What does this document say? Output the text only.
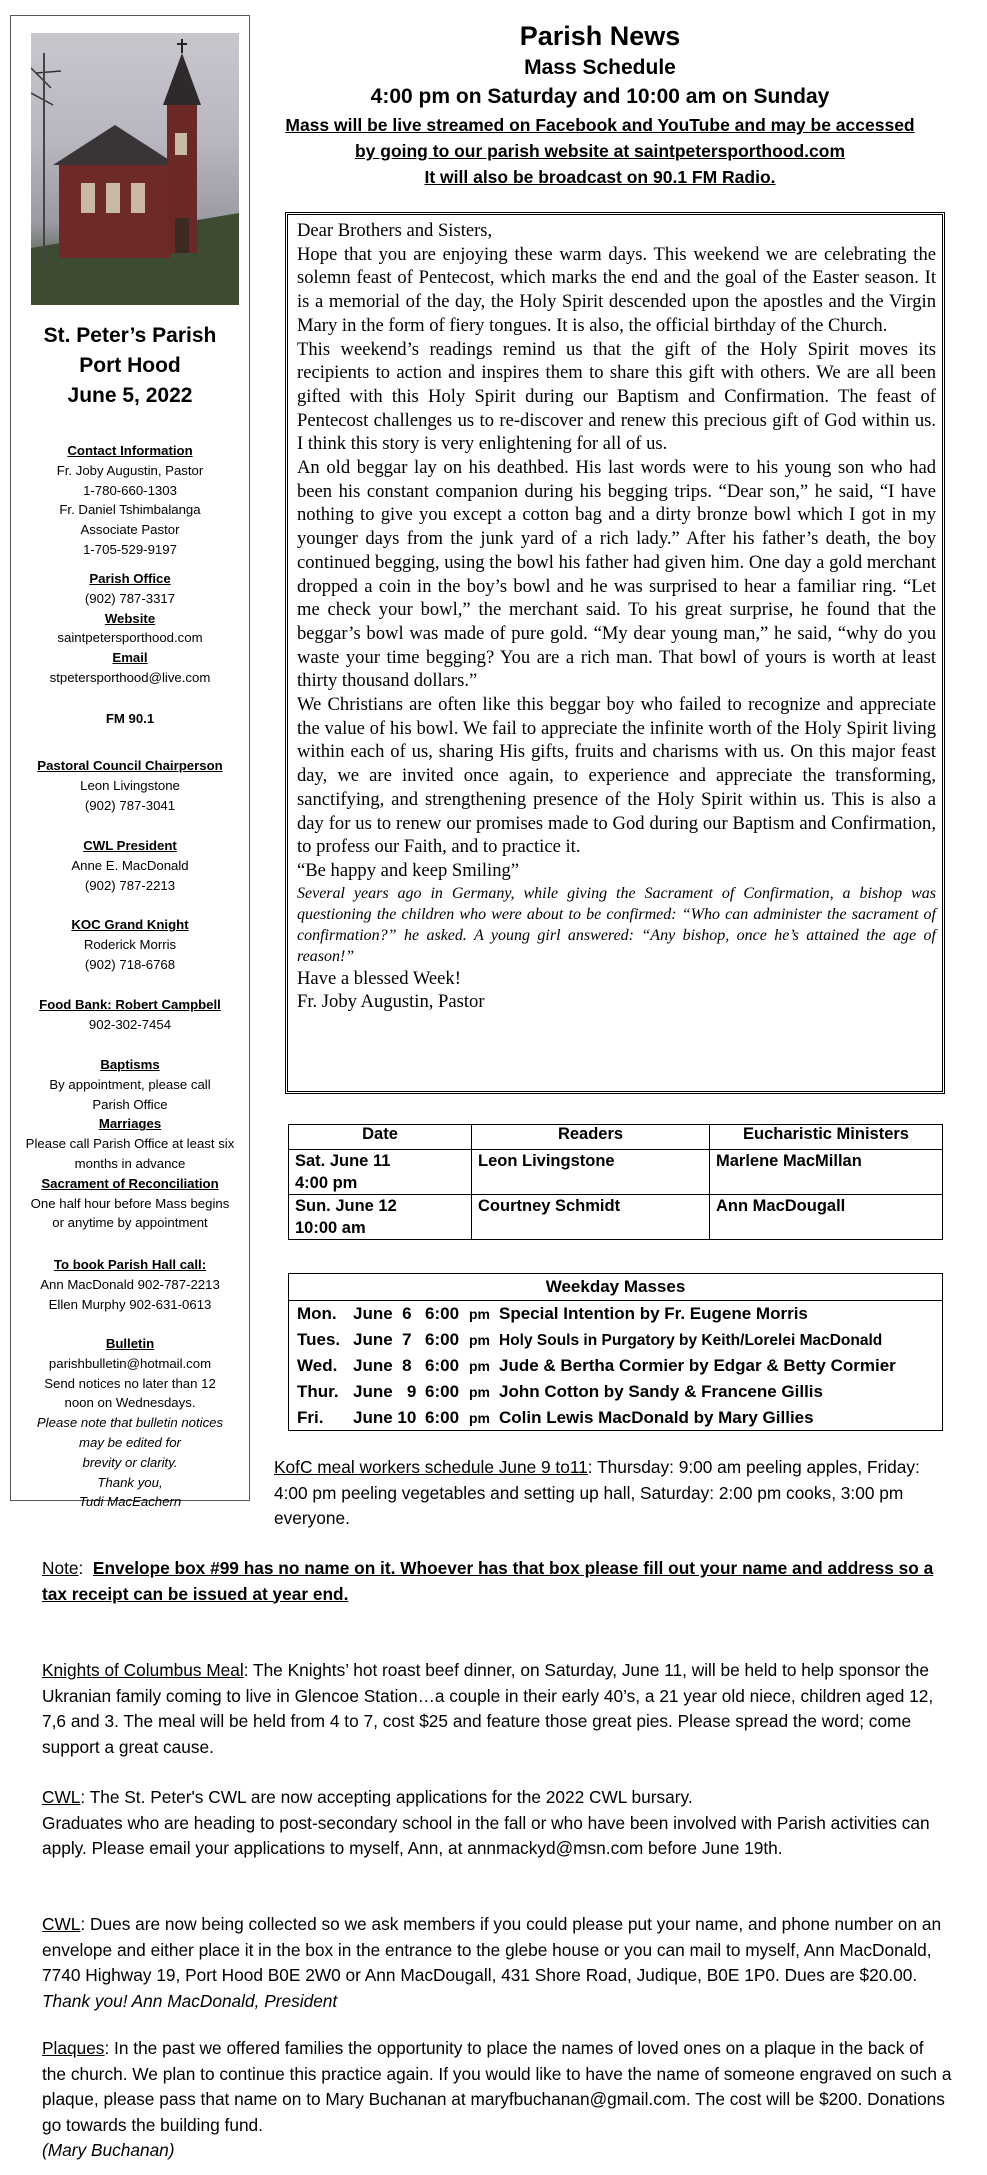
St. Peter’s Parish
Port Hood
June 5, 2022
Contact Information
Fr. Joby Augustin, Pastor
1-780-660-1303
Fr. Daniel Tshimbalanga
Associate Pastor
1-705-529-9197
Parish Office
(902) 787-3317
Website
saintpetersporthood.com
Email
stpetersporthood@live.com
FM 90.1
Pastoral Council Chairperson
Leon Livingstone
(902) 787-3041
CWL President
Anne E. MacDonald
(902) 787-2213
KOC Grand Knight
Roderick Morris
(902) 718-6768
Food Bank: Robert Campbell
902-302-7454
Baptisms
By appointment, please call
Parish Office
Marriages
Please call Parish Office at least six
months in advance
Sacrament of Reconciliation
One half hour before Mass begins
or anytime by appointment
To book Parish Hall call:
Ann MacDonald 902-787-2213
Ellen Murphy 902-631-0613
Bulletin
parishbulletin@hotmail.com
Send notices no later than 12
noon on Wednesdays.
Please note that bulletin notices
may be edited for
brevity or clarity.
Thank you,
Tudi MacEachern
Parish News
Mass Schedule
4:00 pm on Saturday and 10:00 am on Sunday
Mass will be live streamed on Facebook and YouTube and may be accessed
by going to our parish website at saintpetersporthood.com
It will also be broadcast on 90.1 FM Radio.

Dear Brothers and Sisters,

Hope that you are enjoying these warm days. This weekend we are celebrating the solemn feast of Pentecost, which marks the end and the goal of the Easter season. It is a memorial of the day, the Holy Spirit descended upon the apostles and the Virgin Mary in the form of fiery tongues. It is also, the official birthday of the Church.

This weekend’s readings remind us that the gift of the Holy Spirit moves its recipients to action and inspires them to share this gift with others. We are all been gifted with this Holy Spirit during our Baptism and Confirmation. The feast of Pentecost challenges us to re-discover and renew this precious gift of God within us. I think this story is very enlightening for all of us.

An old beggar lay on his deathbed. His last words were to his young son who had been his constant companion during his begging trips. “Dear son,” he said, “I have nothing to give you except a cotton bag and a dirty bronze bowl which I got in my younger days from the junk yard of a rich lady.” After his father’s death, the boy continued begging, using the bowl his father had given him. One day a gold merchant dropped a coin in the boy’s bowl and he was surprised to hear a familiar ring. “Let me check your bowl,” the merchant said. To his great surprise, he found that the beggar’s bowl was made of pure gold. “My dear young man,” he said, “why do you waste your time begging? You are a rich man. That bowl of yours is worth at least thirty thousand dollars.”

We Christians are often like this beggar boy who failed to recognize and appreciate the value of his bowl. We fail to appreciate the infinite worth of the Holy Spirit living within each of us, sharing His gifts, fruits and charisms with us. On this major feast day, we are invited once again, to experience and appreciate the transforming, sanctifying, and strengthening presence of the Holy Spirit within us. This is also a day for us to renew our promises made to God during our Baptism and Confirmation, to profess our Faith, and to practice it.

“Be happy and keep Smiling”

Several years ago in Germany, while giving the Sacrament of Confirmation, a bishop was questioning the children who were about to be confirmed: “Who can administer the sacrament of confirmation?” he asked. A young girl answered: “Any bishop, once he’s attained the age of reason!”

Have a blessed Week!

Fr. Joby Augustin, Pastor

Date	Readers	Eucharistic Ministers

Sat. June 11
4:00 pm	Leon Livingstone	Marlene MacMillan

Sun. June 12
10:00 am	Courtney Schmidt	Ann MacDougall
Weekday Masses
Mon. June  6 6:00 pm Special Intention by Fr. Eugene Morris
Tues. June  7 6:00 pm Holy Souls in Purgatory by Keith/Lorelei MacDonald
Wed. June  8 6:00 pm Jude & Bertha Cormier by Edgar & Betty Cormier
Thur. June   9 6:00 pm John Cotton by Sandy & Francene Gillis
Fri. June 10 6:00 pm Colin Lewis MacDonald by Mary Gillies
KofC meal workers schedule June 9 to11: Thursday: 9:00 am peeling apples, Friday: 4:00 pm peeling vegetables and setting up hall, Saturday: 2:00 pm cooks, 3:00 pm everyone.
Note:  Envelope box #99 has no name on it. Whoever has that box please fill out your name and address so a tax receipt can be issued at year end.
Knights of Columbus Meal: The Knights’ hot roast beef dinner, on Saturday, June 11, will be held to help sponsor the Ukranian family coming to live in Glencoe Station…a couple in their early 40’s, a 21 year old niece, children aged 12, 7,6 and 3. The meal will be held from 4 to 7, cost $25 and feature those great pies. Please spread the word; come support a great cause.
CWL: The St. Peter's CWL are now accepting applications for the 2022 CWL bursary.
Graduates who are heading to post-secondary school in the fall or who have been involved with Parish activities can apply. Please email your applications to myself, Ann, at annmackyd@msn.com before June 19th.
CWL: Dues are now being collected so we ask members if you could please put your name, and phone number on an envelope and either place it in the box in the entrance to the glebe house or you can mail to myself, Ann MacDonald, 7740 Highway 19, Port Hood B0E 2W0 or Ann MacDougall, 431 Shore Road, Judique, B0E 1P0. Dues are $20.00. Thank you! Ann MacDonald, President
Plaques: In the past we offered families the opportunity to place the names of loved ones on a plaque in the back of the church. We plan to continue this practice again. If you would like to have the name of someone engraved on such a plaque, please pass that name on to Mary Buchanan at maryfbuchanan@gmail.com. The cost will be $200. Donations go towards the building fund.
(Mary Buchanan)
